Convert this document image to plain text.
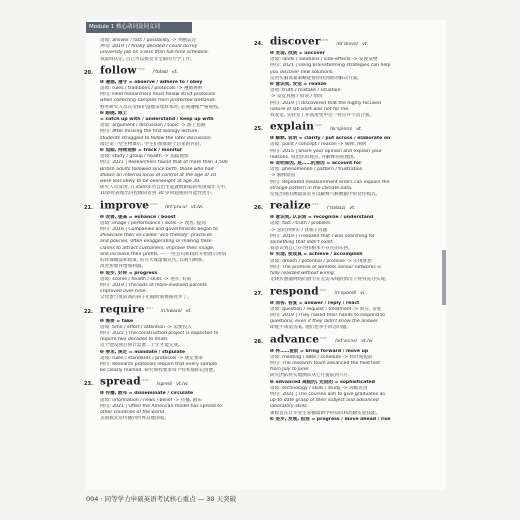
Module 1 核心动词及同义词
语境: answer / fact / possibility -> 判断认定
例句: 2019 | I finally decided I could do my
university job on a less than full-time schedule.
我最终认定, 自己可以接受非全职的大学工作。
20. follow⁽¹²⁸⁾/ˈfɒləʊ/ vt.
❶ 遵循, 遵守 = observe / adhere to / obey
语境: rules / traditions / protocols -> 遵循规则
例句: Field researchers must follow strict protocols
when collecting samples from protected wetlands.
野外研究人员在受保护湿地采集样本时, 必须遵循严格规程。
❷ 跟随, 跟上
= catch up with / understand / keep up with
语境: argument / discussion / topic -> 跟上思路
例句: After missing the first biology lecture,
students struggled to follow the later discussion.
错过第一堂生物课后, 学生们很难跟上后来的讨论。
❸ 追踪, 持续观察 = track / monitor
语境: study / group / health -> 追踪观察
例句: 2021 | Researchers found that of more than 3,500
British adults followed since birth, those who had
shown an internal locus of control at the age of 10
were less likely to be overweight at age 30.
研究人员发现, 在3500多名自出生起就被跟踪的英国成年人中,
10岁时表现出内控倾向者到 30 岁时超重的可能性更小。
21. improve⁽¹²³⁾/ɪmˈpruːv/ vt./vi.
❶ 改善, 提高 = enhance / boost
语境: image / performance / skills -> 改善, 提高
例句: 2016 | Companies and governments began to
showcase their so-called "eco-friendly" practices
and policies, often exaggerating or making false
claims to attract customers, improve their image,
and increase their profits. — 一些公司和政府开始展示所谓
的环保做法和政策, 常夸大或虚假宣传, 以吸引顾客、
改善形象并增加利润。
❷ 进步, 好转 = progress
语境: scores / health / skills -> 进步, 好转
例句: 2019 | The kids of more-involved parents
improved over time.
父母参与度较高的孩子们随时间推移进步了。
22. require⁽¹²¹⁾/rɪˈkwaɪə/ vt.
❶ 需要 = take
语境: time / effort / attention -> 需要投入
例句: 2022 | The construction project is expected to
require two decades to finish.
这个建设项目预计需要二十年才能完成。
❷ 要求, 规定 = mandate / stipulate
语境: rules / standards / protocols -> 规定要求
例句: Research protocols require that every sample
be clearly marked. 研究规程要求每个样本都标记清楚。
23. spread⁽¹²⁰⁾/spred/ vt./vi.
❶ 传播, 散布 = disseminate / circulate
语境: information / news / belief -> 传播, 散布
例句: 2021 | Often the American model has spread to
other countries of the world.
美国模式常传播到世界其他国家。
24. discover⁽¹¹⁸⁾/dɪˈskʌvə/ vt.
❶ 发现, 找到 = uncover
语境: lands / solutions / side-effects -> 发现某物
例句: 2021 | Using brainstorming strategies can help
you discover new solutions.
运用头脑风暴策略能帮你找到新的解决方案。
❷ 意识到, 发觉 = realize
语境: truth / mistake / situation
-> 发觉真相 / 错误 / 情况
例句: 2019 | I discovered that the highly focused
nature of lab work was not for me.
我发觉, 实验室工作高度集中这一特点并不适合我。
25. explain⁽¹¹⁶⁾/ɪkˈspleɪn/ vt.
❶ 解释, 说明 = clarify / put across / elaborate on
语境: point / concept / reason -> 解释, 阐明
例句: 2015 | Share your opinion and explain your
reasons. 说出你的观点, 并解释你的理由。
❷ 说明原因, 是……的原因 = account for
语境: phenomenon / pattern / frustration
-> 解释原因
例句: Repeated measurement errors can explain the
strange pattern in the climate data.
反复出现的测量误差可以解释气候数据中的奇怪模式。
26. realize⁽¹¹³⁾/ˈrɪəlaɪz/ vt.
❶ 意识到, 认识到 = recognize / understand
语境: fact / truth / problem
-> 意识到事实 / 真相 / 问题
例句: 2019 | I realized that I was searching for
something that didn't exist.
我意识到自己在寻找根本不存在的东西。
❷ 实现, 使成真 = achieve / accomplish
语境: dream / potential / promise -> 实现梦想
例句: The promise of wireless sensor networks is
fully realized without wiring.
无线传感器网络的潜力在无需布线的情况下得到充分实现。
27. respond⁽¹¹²⁾/rɪˈspɒnd/ vi.
❶ 回答, 答复 = answer / reply / react
语境: question / request / treatment -> 回应, 答复
例句: 2019 | They raised their hands to respond to
questions, even if they didn't know the answer.
即使不知道答案, 他们也举手回答问题。
28. advance⁽¹¹⁰⁾/ədˈvɑːns/ vt./vi.
❶ 将……提前 = bring forward / move up
语境: meeting / date / schedule -> 将时间提前
例句: The research team advanced the field test
from July to June.
研究团队将实地测试从七月提前到六月。
❷ advanced 高级的; 先进的 = sophisticated
语境: technology / skills / study -> 高级先进
例句: 2021 | The courses aim to give graduates an
up-to-date grasp of their subject and advanced
laboratory skills.
课程旨在让毕业生掌握最新学科知识和高级实验技能。
❸ 进步, 发展, 前进 = progress / move ahead / rise
004 · 同等学力申硕英语考试核心重点 — 30 天突破
